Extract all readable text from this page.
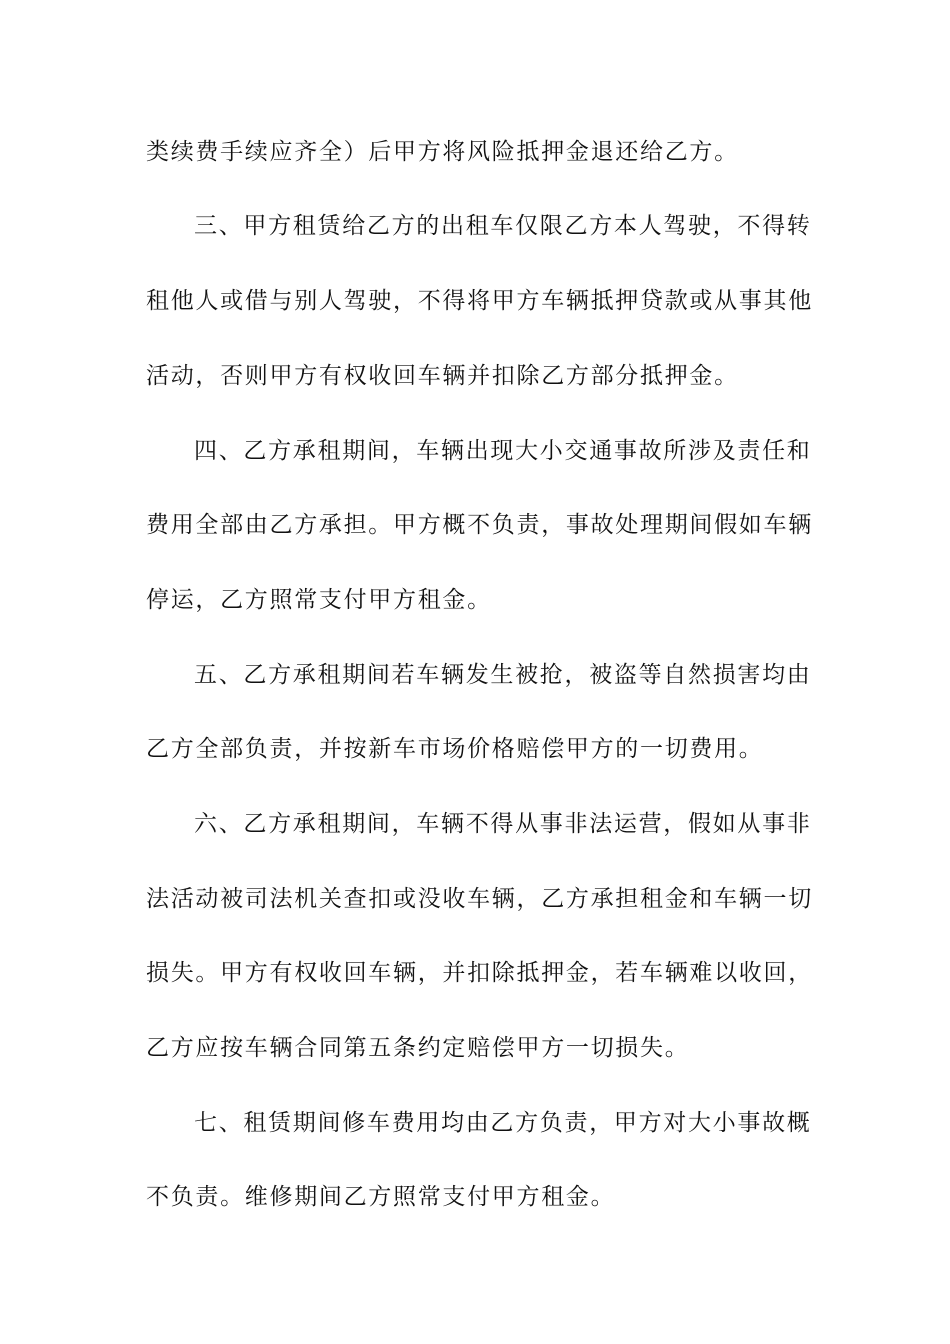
类续费手续应齐全）后甲方将风险抵押金退还给乙方。
三、甲方租赁给乙方的出租车仅限乙方本人驾驶，不得转
租他人或借与别人驾驶，不得将甲方车辆抵押贷款或从事其他
活动，否则甲方有权收回车辆并扣除乙方部分抵押金。
四、乙方承租期间，车辆出现大小交通事故所涉及责任和
费用全部由乙方承担。甲方概不负责，事故处理期间假如车辆
停运，乙方照常支付甲方租金。
五、乙方承租期间若车辆发生被抢，被盗等自然损害均由
乙方全部负责，并按新车市场价格赔偿甲方的一切费用。
六、乙方承租期间，车辆不得从事非法运营，假如从事非
法活动被司法机关查扣或没收车辆，乙方承担租金和车辆一切
损失。甲方有权收回车辆，并扣除抵押金，若车辆难以收回，
乙方应按车辆合同第五条约定赔偿甲方一切损失。
七、租赁期间修车费用均由乙方负责，甲方对大小事故概
不负责。维修期间乙方照常支付甲方租金。
